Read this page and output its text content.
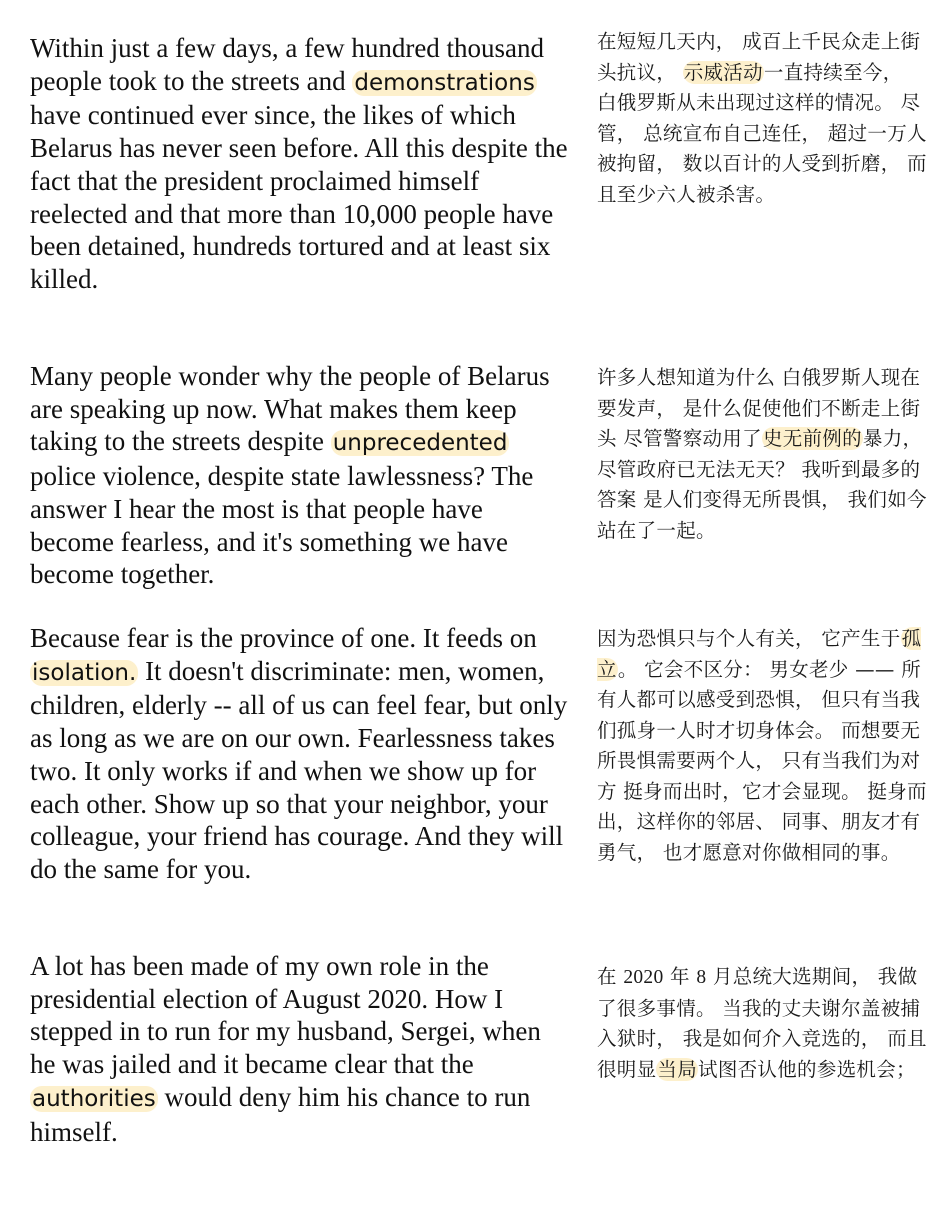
Within just a few days, a few hundred thousand people took to the streets and demonstrations have continued ever since, the likes of which Belarus has never seen before. All this despite the fact that the president proclaimed himself reelected and that more than 10,000 people have been detained, hundreds tortured and at least six killed.

在短短几天内， 成百上千民众走上街头抗议， 示威活动一直持续至今， 白俄罗斯从未出现过这样的情况。 尽管， 总统宣布自己连任， 超过一万人被拘留， 数以百计的人受到折磨， 而且至少六人被杀害。

Many people wonder why the people of Belarus are speaking up now. What makes them keep taking to the streets despite unprecedented police violence, despite state lawlessness? The answer I hear the most is that people have become fearless, and it's something we have become together.

许多人想知道为什么 白俄罗斯人现在要发声， 是什么促使他们不断走上街头 尽管警察动用了史无前例的暴力， 尽管政府已无法无天？ 我听到最多的答案 是人们变得无所畏惧， 我们如今站在了一起。

Because fear is the province of one. It feeds on isolation. It doesn't discriminate: men, women, children, elderly -- all of us can feel fear, but only as long as we are on our own. Fearlessness takes two. It only works if and when we show up for each other. Show up so that your neighbor, your colleague, your friend has courage. And they will do the same for you.

因为恐惧只与个人有关， 它产生于孤立。 它会不区分： 男女老少 —— 所有人都可以感受到恐惧， 但只有当我们孤身一人时才切身体会。 而想要无所畏惧需要两个人， 只有当我们为对方 挺身而出时，它才会显现。 挺身而出，这样你的邻居、 同事、朋友才有勇气， 也才愿意对你做相同的事。

A lot has been made of my own role in the presidential election of August 2020. How I stepped in to run for my husband, Sergei, when he was jailed and it became clear that the authorities would deny him his chance to run himself.

在 2020 年 8 月总统大选期间， 我做了很多事情。 当我的丈夫谢尔盖被捕入狱时， 我是如何介入竞选的， 而且很明显当局试图否认他的参选机会；
